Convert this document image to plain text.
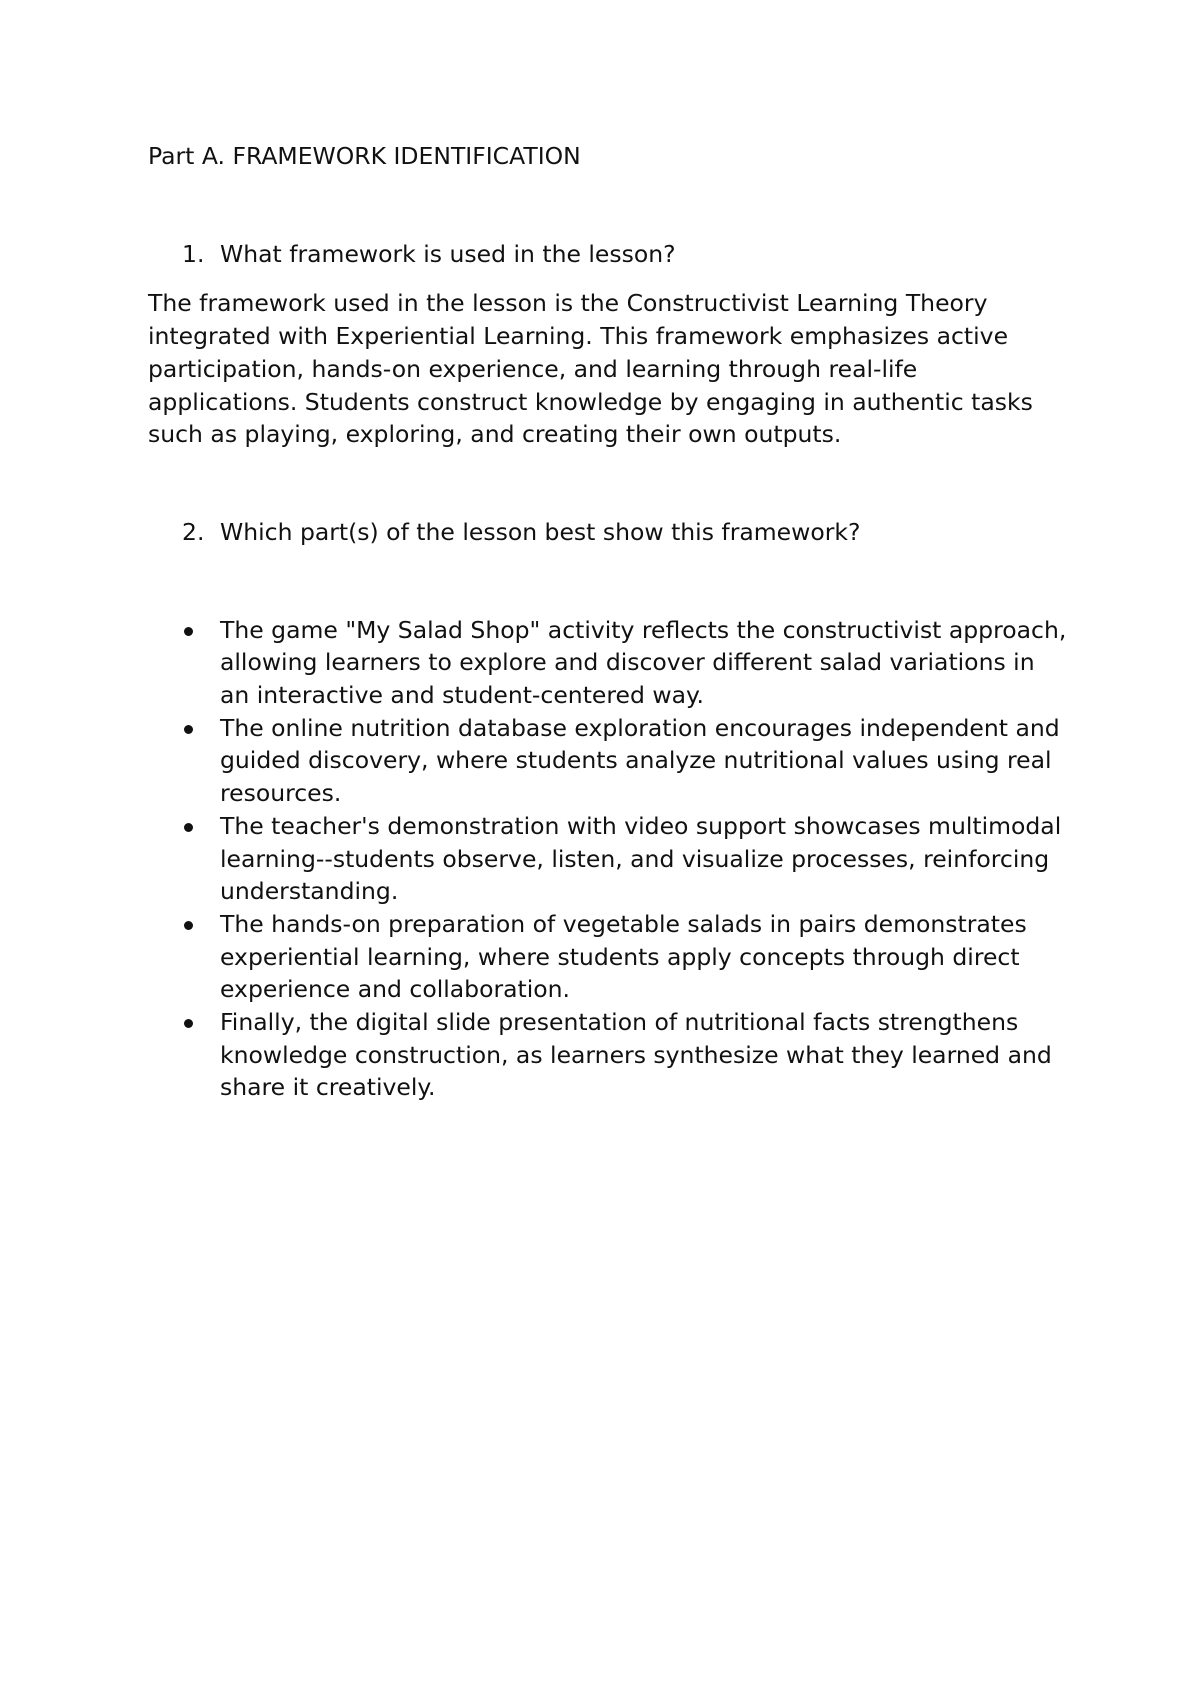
Part A. FRAMEWORK IDENTIFICATION

1. What framework is used in the lesson?

The framework used in the lesson is the Constructivist Learning Theory integrated with Experiential Learning. This framework emphasizes active participation, hands-on experience, and learning through real-life applications. Students construct knowledge by engaging in authentic tasks such as playing, exploring, and creating their own outputs.

2. Which part(s) of the lesson best show this framework?

The game "My Salad Shop" activity reflects the constructivist approach, allowing learners to explore and discover different salad variations in an interactive and student-centered way.
The online nutrition database exploration encourages independent and guided discovery, where students analyze nutritional values using real resources.
The teacher's demonstration with video support showcases multimodal learning--students observe, listen, and visualize processes, reinforcing understanding.
The hands-on preparation of vegetable salads in pairs demonstrates experiential learning, where students apply concepts through direct experience and collaboration.
Finally, the digital slide presentation of nutritional facts strengthens knowledge construction, as learners synthesize what they learned and share it creatively.
